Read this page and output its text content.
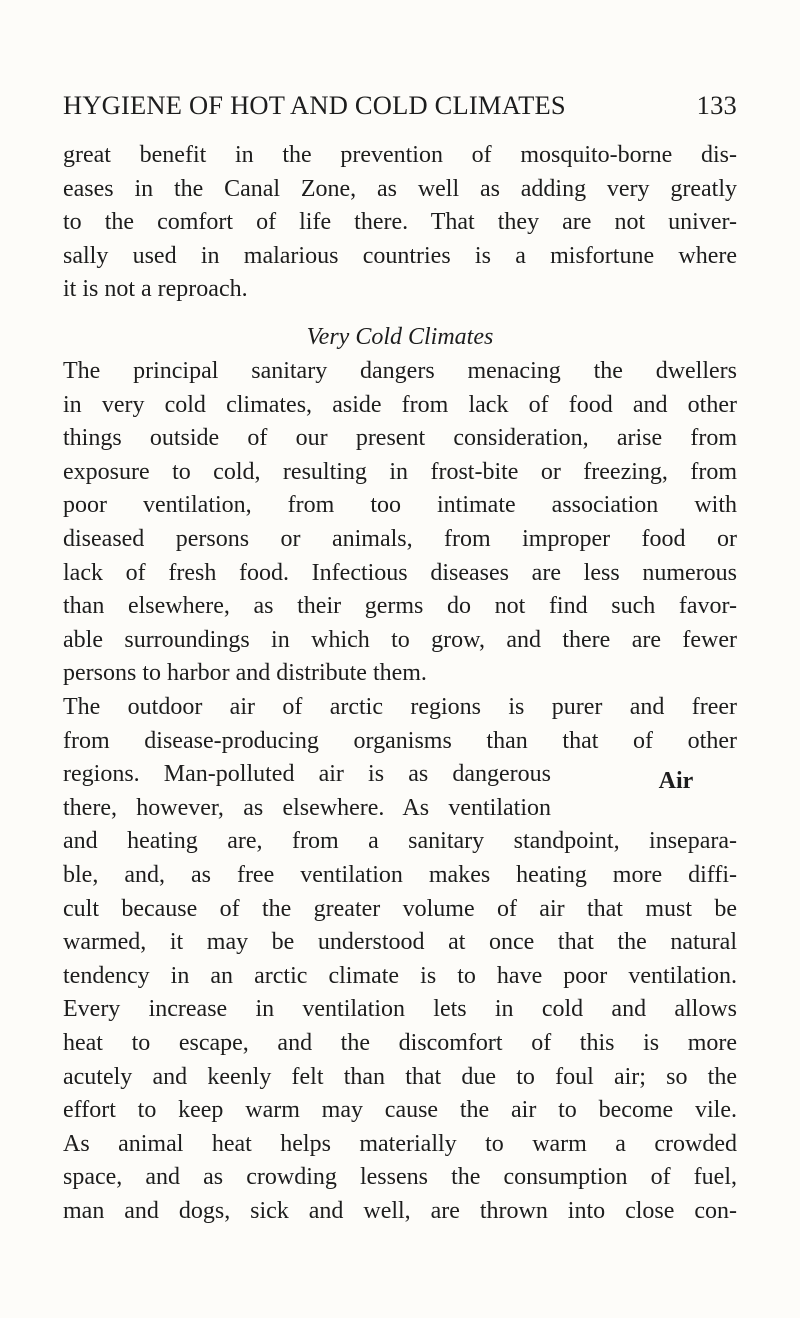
HYGIENE OF HOT AND COLD CLIMATES	133
great benefit in the prevention of mosquito-borne dis-
eases in the Canal Zone, as well as adding very greatly
to the comfort of life there. That they are not univer-
sally used in malarious countries is a misfortune where
it is not a reproach.
Very Cold Climates
The principal sanitary dangers menacing the dwellers
in very cold climates, aside from lack of food and other
things outside of our present consideration, arise from
exposure to cold, resulting in frost-bite or freezing, from
poor ventilation, from too intimate association with
diseased persons or animals, from improper food or
lack of fresh food. Infectious diseases are less numerous
than elsewhere, as their germs do not find such favor-
able surroundings in which to grow, and there are fewer
persons to harbor and distribute them.
The outdoor air of arctic regions is purer and freer
from disease-producing organisms than that of other
regions. Man-polluted air is as dangerous
there, however, as elsewhere. As ventilation
and heating are, from a sanitary standpoint, insepara-
ble, and, as free ventilation makes heating more diffi-
cult because of the greater volume of air that must be
warmed, it may be understood at once that the natural
tendency in an arctic climate is to have poor ventilation.
Every increase in ventilation lets in cold and allows
heat to escape, and the discomfort of this is more
acutely and keenly felt than that due to foul air; so the
effort to keep warm may cause the air to become vile.
As animal heat helps materially to warm a crowded
space, and as crowding lessens the consumption of fuel,
man and dogs, sick and well, are thrown into close con-
Air
